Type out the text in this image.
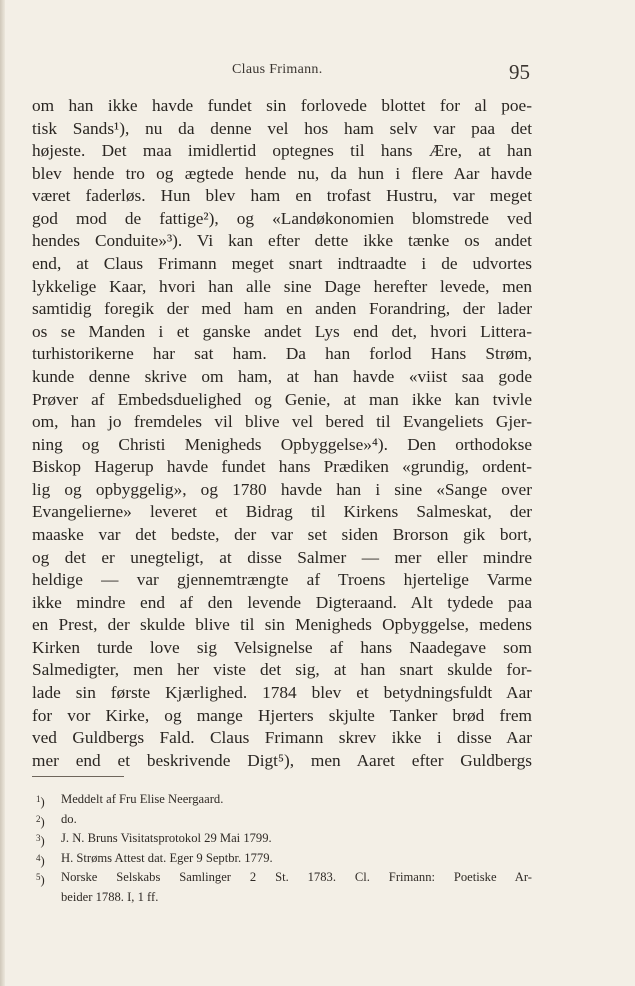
Claus Frimann.	95
om han ikke havde fundet sin forlovede blottet for al poe-
tisk Sands¹), nu da denne vel hos ham selv var paa det
højeste. Det maa imidlertid optegnes til hans Ære, at han
blev hende tro og ægtede hende nu, da hun i flere Aar havde
været faderløs. Hun blev ham en trofast Hustru, var meget
god mod de fattige²), og «Landøkonomien blomstrede ved
hendes Conduite»³). Vi kan efter dette ikke tænke os andet
end, at Claus Frimann meget snart indtraadte i de udvortes
lykkelige Kaar, hvori han alle sine Dage herefter levede, men
samtidig foregik der med ham en anden Forandring, der lader
os se Manden i et ganske andet Lys end det, hvori Littera-
turhistorikerne har sat ham. Da han forlod Hans Strøm,
kunde denne skrive om ham, at han havde «viist saa gode
Prøver af Embedsduelighed og Genie, at man ikke kan tvivle
om, han jo fremdeles vil blive vel bered til Evangeliets Gjer-
ning og Christi Menigheds Opbyggelse»⁴). Den orthodokse
Biskop Hagerup havde fundet hans Prædiken «grundig, ordent-
lig og opbyggelig», og 1780 havde han i sine «Sange over
Evangelierne» leveret et Bidrag til Kirkens Salmeskat, der
maaske var det bedste, der var set siden Brorson gik bort,
og det er unegteligt, at disse Salmer — mer eller mindre
heldige — var gjennemtrængte af Troens hjertelige Varme
ikke mindre end af den levende Digteraand. Alt tydede paa
en Prest, der skulde blive til sin Menigheds Opbyggelse, medens
Kirken turde love sig Velsignelse af hans Naadegave som
Salmedigter, men her viste det sig, at han snart skulde for-
lade sin første Kjærlighed. 1784 blev et betydningsfuldt Aar
for vor Kirke, og mange Hjerters skjulte Tanker brød frem
ved Guldbergs Fald. Claus Frimann skrev ikke i disse Aar
mer end et beskrivende Digt⁵), men Aaret efter Guldbergs
$^1$)	Meddelt af Fru Elise Neergaard.
$^2$)	do.
$^3$)	J. N. Bruns Visitatsprotokol 29 Mai 1799.
$^4$)	H. Strøms Attest dat. Eger 9 Septbr. 1779.
$^5$)	Norske Selskabs Samlinger 2 St. 1783. Cl. Frimann: Poetiske Ar-
beider 1788. I, 1 ff.
